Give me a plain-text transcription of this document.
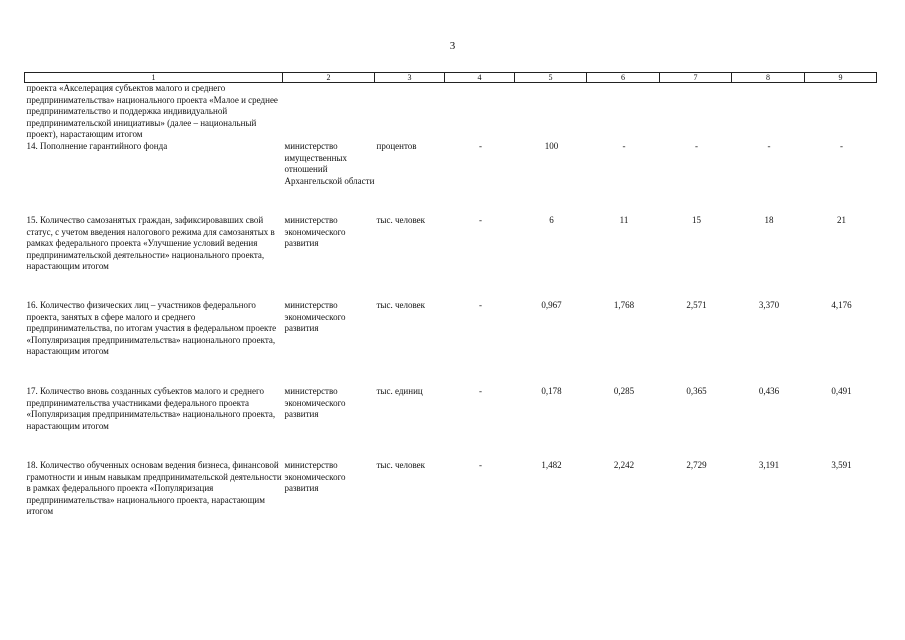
3
1	2	3	4	5	6	7	8	9
проекта «Акселерация субъектов малого и среднего предпринимательства» национального проекта «Малое и среднее предпринимательство и поддержка индивидуальной предпринимательской инициативы» (далее – национальный проект), нарастающим итогом								
14. Пополнение гарантийного фонда	министерство имущественных отношений Архангельской области	процентов	-	100	-	-	-	-
15. Количество самозанятых граждан, зафиксировавших свой статус, с учетом введения налогового режима для самозанятых в рамках федерального проекта «Улучшение условий ведения предпринимательской деятельности» национального проекта, нарастающим итогом	министерство экономического развития	тыс. человек	-	6	11	15	18	21
16. Количество физических лиц – участников федерального проекта, занятых в сфере малого и среднего предпринимательства, по итогам участия в федеральном проекте «Популяризация предпринимательства» национального проекта, нарастающим итогом	министерство экономического развития	тыс. человек	-	0,967	1,768	2,571	3,370	4,176
17. Количество вновь созданных субъектов малого и среднего предпринимательства участниками федерального проекта «Популяризация предпринимательства» национального проекта, нарастающим итогом	министерство экономического развития	тыс. единиц	-	0,178	0,285	0,365	0,436	0,491
18. Количество обученных основам ведения бизнеса, финансовой грамотности и иным навыкам предпринимательской деятельности в рамках федерального проекта «Популяризация предпринимательства» национального проекта, нарастающим итогом	министерство экономического развития	тыс. человек	-	1,482	2,242	2,729	3,191	3,591
